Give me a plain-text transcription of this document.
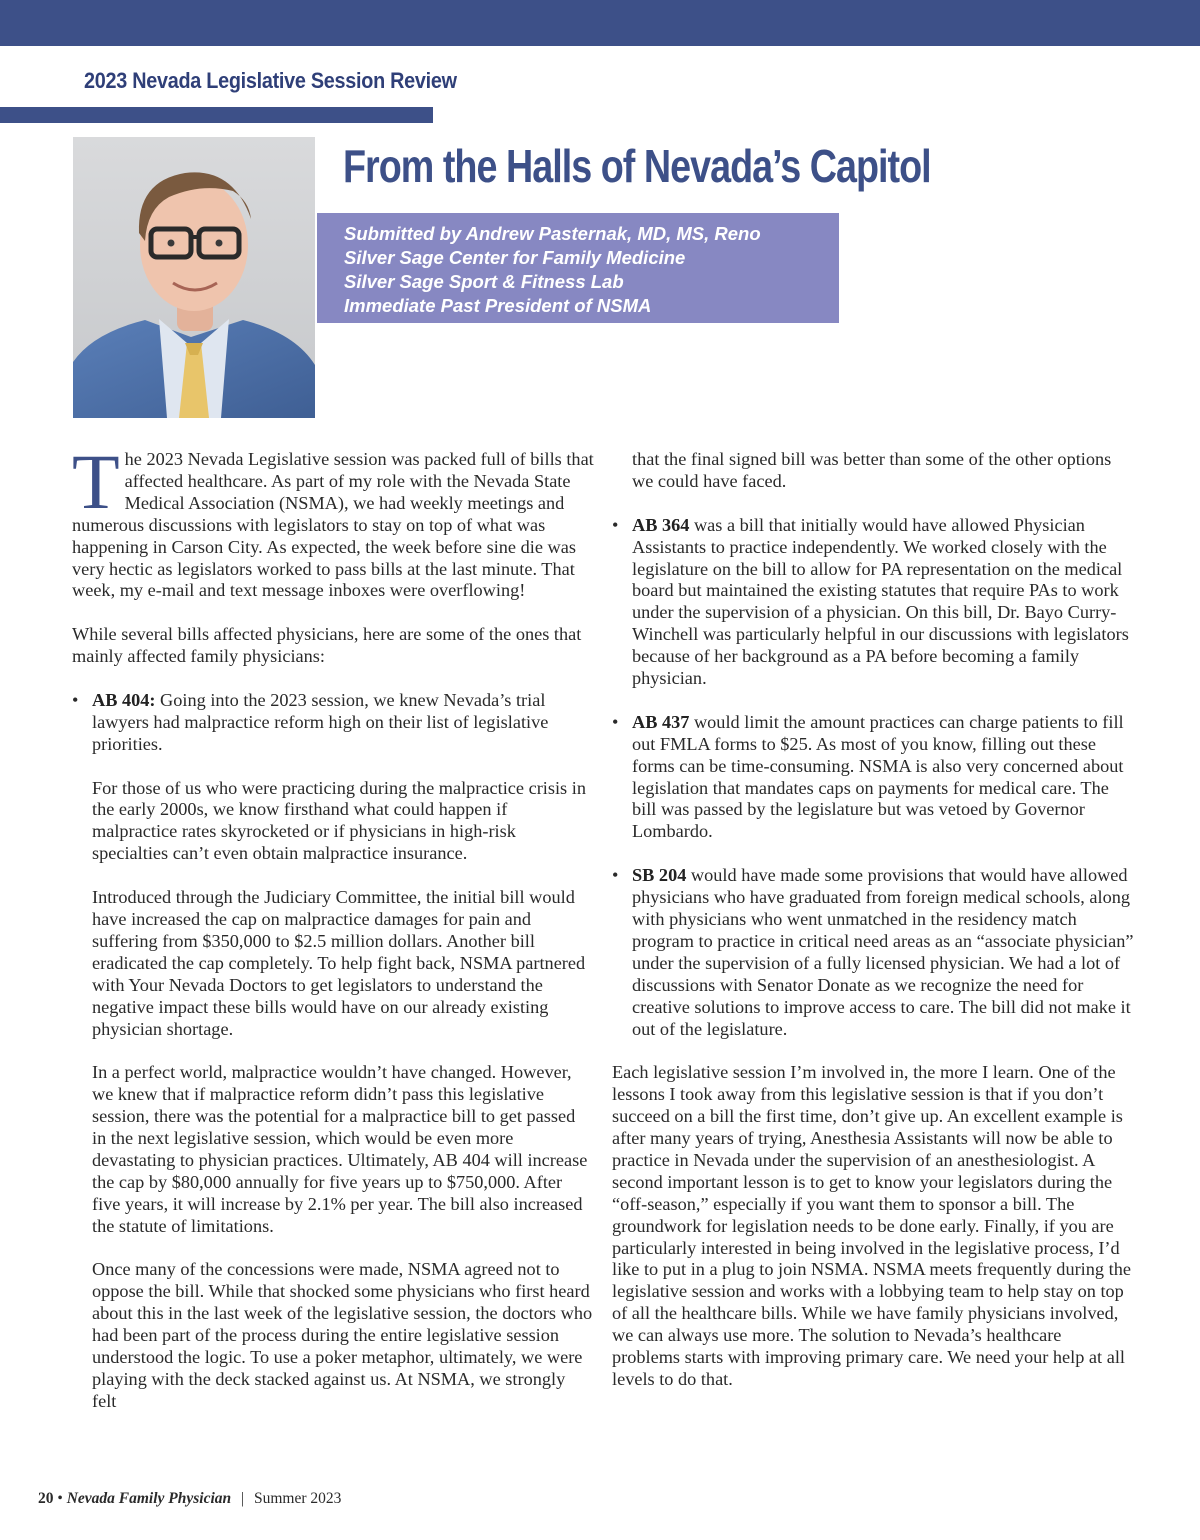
2023 Nevada Legislative Session Review
From the Halls of Nevada’s Capitol
Submitted by Andrew Pasternak, MD, MS, Reno
Silver Sage Center for Family Medicine
Silver Sage Sport & Fitness Lab
Immediate Past President of NSMA

The 2023 Nevada Legislative session was packed full of bills that affected healthcare. As part of my role with the Nevada State Medical Association (NSMA), we had weekly meetings and numerous discussions with legislators to stay on top of what was happening in Carson City. As expected, the week before sine die was very hectic as legislators worked to pass bills at the last minute. That week, my e-mail and text message inboxes were overflowing!

While several bills affected physicians, here are some of the ones that mainly affected family physicians:

• AB 404: Going into the 2023 session, we knew Nevada’s trial lawyers had malpractice reform high on their list of legislative priorities.

For those of us who were practicing during the malpractice crisis in the early 2000s, we know firsthand what could happen if malpractice rates skyrocketed or if physicians in high-risk specialties can’t even obtain malpractice insurance.

Introduced through the Judiciary Committee, the initial bill would have increased the cap on malpractice damages for pain and suffering from $350,000 to $2.5 million dollars. Another bill eradicated the cap completely. To help fight back, NSMA partnered with Your Nevada Doctors to get legislators to understand the negative impact these bills would have on our already existing physician shortage.

In a perfect world, malpractice wouldn’t have changed. However, we knew that if malpractice reform didn’t pass this legislative session, there was the potential for a malpractice bill to get passed in the next legislative session, which would be even more devastating to physician practices. Ultimately, AB 404 will increase the cap by $80,000 annually for five years up to $750,000. After five years, it will increase by 2.1% per year. The bill also increased the statute of limitations.

Once many of the concessions were made, NSMA agreed not to oppose the bill. While that shocked some physicians who first heard about this in the last week of the legislative session, the doctors who had been part of the process during the entire legislative session understood the logic. To use a poker metaphor, ultimately, we were playing with the deck stacked against us. At NSMA, we strongly felt

that the final signed bill was better than some of the other options we could have faced.

• AB 364 was a bill that initially would have allowed Physician Assistants to practice independently. We worked closely with the legislature on the bill to allow for PA representation on the medical board but maintained the existing statutes that require PAs to work under the supervision of a physician. On this bill, Dr. Bayo Curry-Winchell was particularly helpful in our discussions with legislators because of her background as a PA before becoming a family physician.
• AB 437 would limit the amount practices can charge patients to fill out FMLA forms to $25. As most of you know, filling out these forms can be time-consuming. NSMA is also very concerned about legislation that mandates caps on payments for medical care. The bill was passed by the legislature but was vetoed by Governor Lombardo.
• SB 204 would have made some provisions that would have allowed physicians who have graduated from foreign medical schools, along with physicians who went unmatched in the residency match program to practice in critical need areas as an “associate physician” under the supervision of a fully licensed physician. We had a lot of discussions with Senator Donate as we recognize the need for creative solutions to improve access to care. The bill did not make it out of the legislature.

Each legislative session I’m involved in, the more I learn. One of the lessons I took away from this legislative session is that if you don’t succeed on a bill the first time, don’t give up. An excellent example is after many years of trying, Anesthesia Assistants will now be able to practice in Nevada under the supervision of an anesthesiologist. A second important lesson is to get to know your legislators during the “off-season,” especially if you want them to sponsor a bill. The groundwork for legislation needs to be done early. Finally, if you are particularly interested in being involved in the legislative process, I’d like to put in a plug to join NSMA. NSMA meets frequently during the legislative session and works with a lobbying team to help stay on top of all the healthcare bills. While we have family physicians involved, we can always use more. The solution to Nevada’s healthcare problems starts with improving primary care. We need your help at all levels to do that.

20 • Nevada Family Physician | Summer 2023
